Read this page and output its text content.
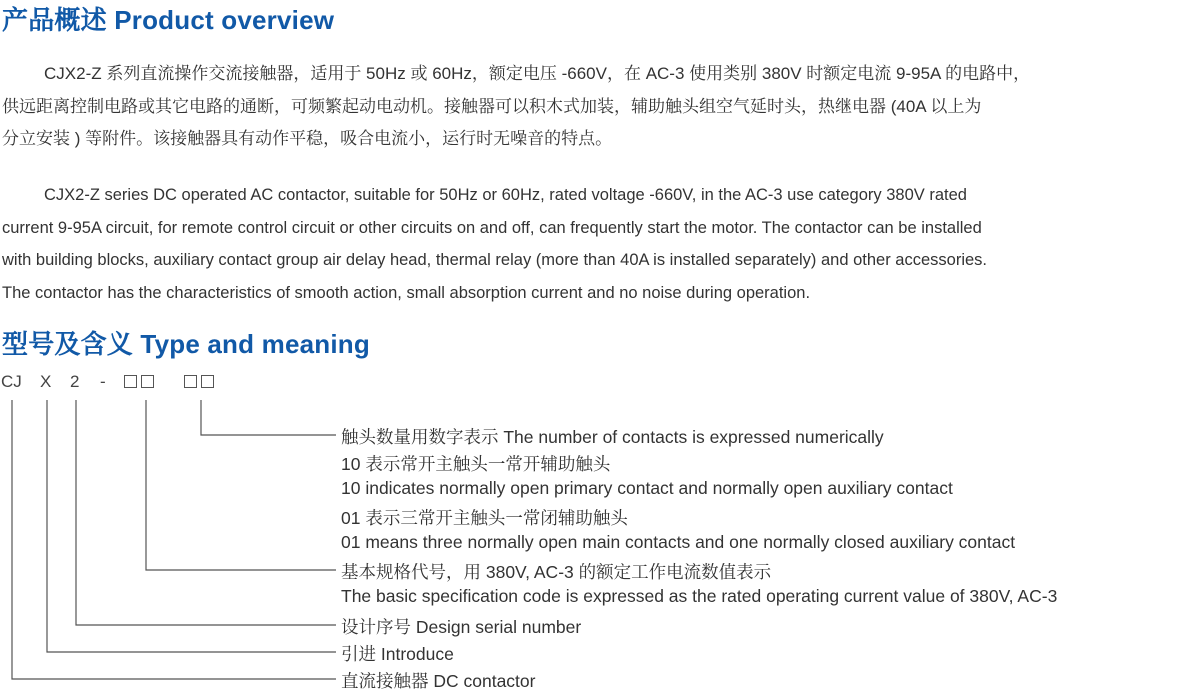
产品概述 Product overview

CJX2-Z 系列直流操作交流接触器，适用于 50Hz 或 60Hz，额定电压 -660V，在 AC-3 使用类别 380V 时额定电流 9-95A 的电路中，
供远距离控制电路或其它电路的通断，可频繁起动电动机。接触器可以积木式加装，辅助触头组空气延时头，热继电器 (40A 以上为
分立安装 ) 等附件。该接触器具有动作平稳，吸合电流小，运行时无噪音的特点。

CJX2-Z series DC operated AC contactor, suitable for 50Hz or 60Hz, rated voltage -660V, in the AC-3 use category 380V rated
current 9-95A circuit, for remote control circuit or other circuits on and off, can frequently start the motor. The contactor can be installed
with building blocks, auxiliary contact group air delay head, thermal relay (more than 40A is installed separately) and other accessories.
The contactor has the characteristics of smooth action, small absorption current and no noise during operation.

型号及含义 Type and meaning
CJ X 2 -
触头数量用数字表示 The number of contacts is expressed numerically
10 表示常开主触头一常开辅助触头
10 indicates normally open primary contact and normally open auxiliary contact
01 表示三常开主触头一常闭辅助触头
01 means three normally open main contacts and one normally closed auxiliary contact
基本规格代号，用 380V, AC-3 的额定工作电流数值表示
The basic specification code is expressed as the rated operating current value of 380V, AC-3
设计序号 Design serial number
引进 Introduce
直流接触器 DC contactor
